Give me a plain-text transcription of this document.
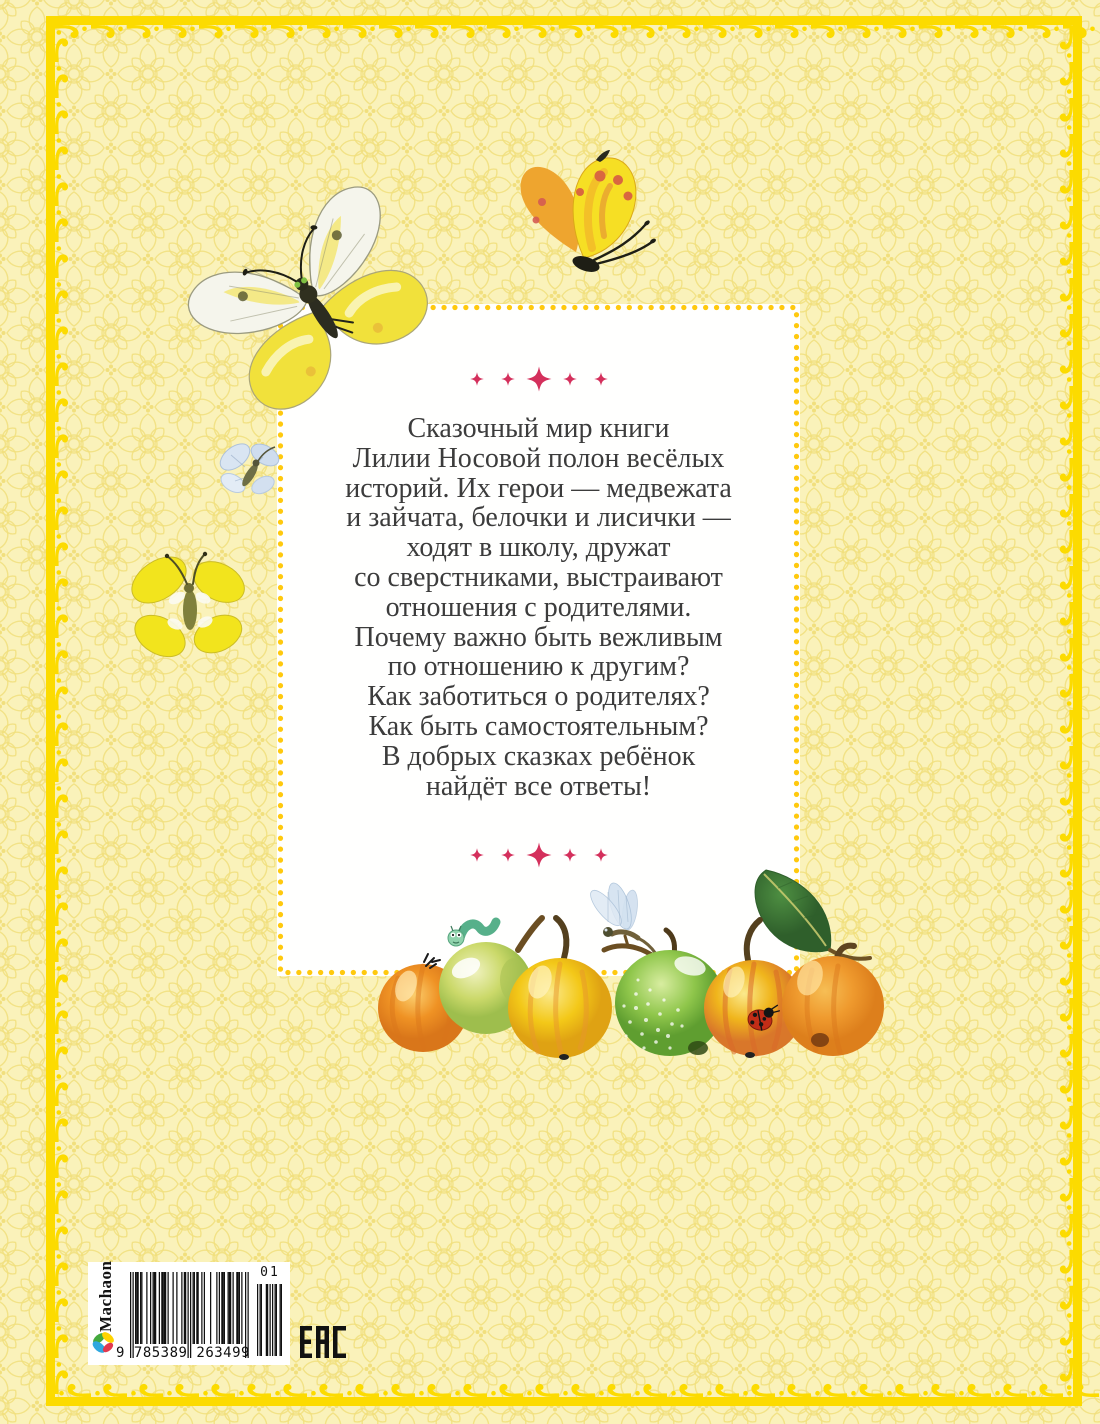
Сказочный мир книги
Лилии Носовой полон весёлых
историй. Их герои — медвежата
и зайчата, белочки и лисички —
ходят в школу, дружат
со сверстниками, выстраивают
отношения с родителями.
Почему важно быть вежливым
по отношению к другим?
Как заботиться о родителях?
Как быть самостоятельным?
В добрых сказках ребёнок
найдёт все ответы!
Machaon
9 785389 263499
01
